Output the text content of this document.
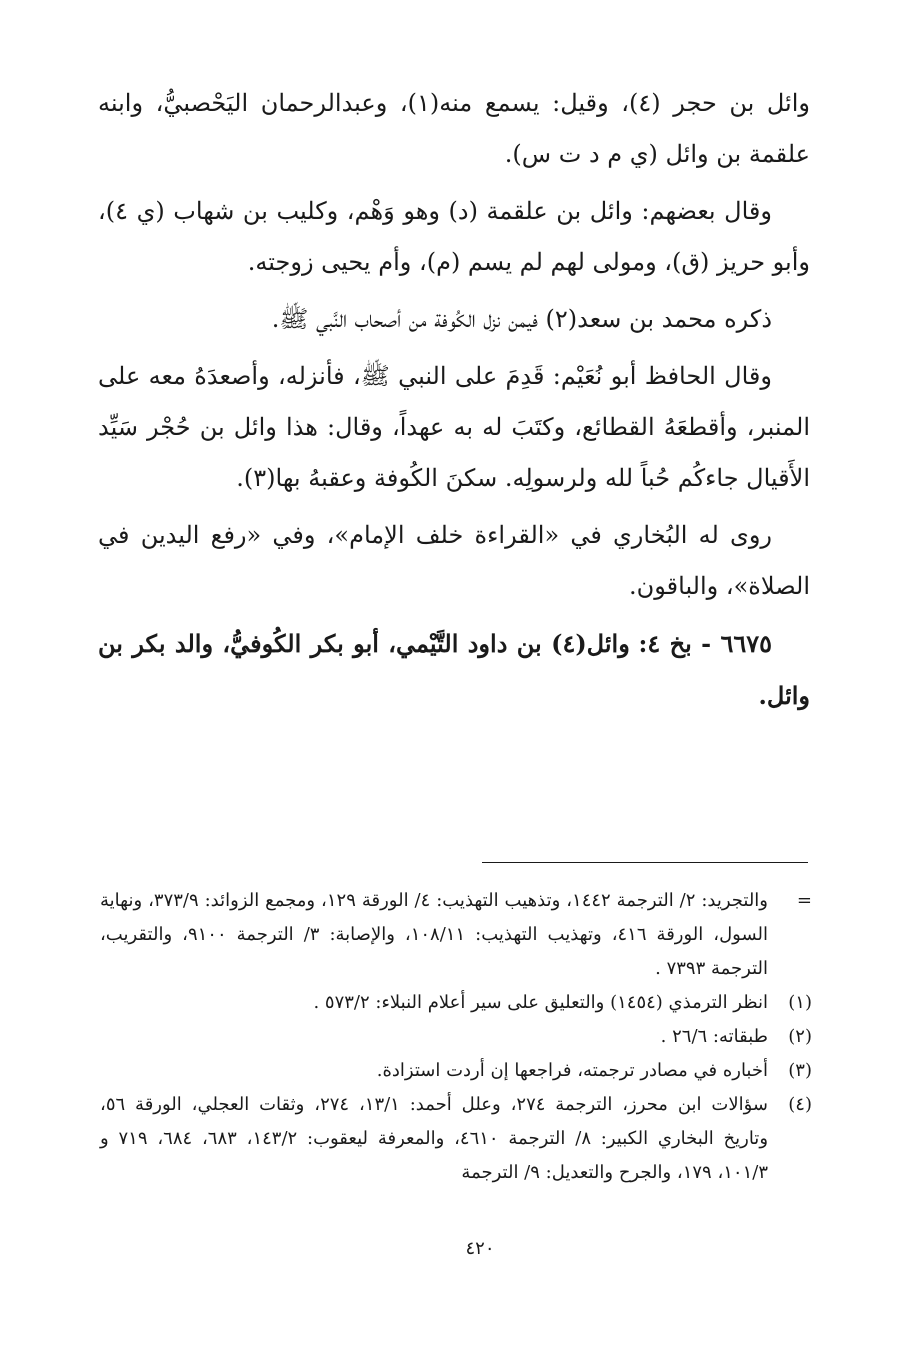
وائل بن حجر (٤)، وقيل: يسمع منه(١)، وعبدالرحمان اليَحْصبيُّ، وابنه علقمة بن وائل (ي م د ت س).

وقال بعضهم: وائل بن علقمة (د) وهو وَهْم، وكليب بن شهاب (ي ٤)، وأبو حريز (ق)، ومولى لهم لم يسم (م)، وأم يحيى زوجته.

ذكره محمد بن سعد(٢) فيمن نزل الكُوفة من أصحاب النَّبي ﷺ.

وقال الحافظ أبو نُعَيْم: قَدِمَ على النبي ﷺ، فأنزله، وأصعدَهُ معه على المنبر، وأقطعَهُ القطائع، وكتَبَ له به عهداً، وقال: هذا وائل بن حُجْر سَيِّد الأَقيال جاءكُم حُباً لله ولرسولِه. سكنَ الكُوفة وعقبهُ بها(٣).

روى له البُخاري في «القراءة خلف الإمام»، وفي «رفع اليدين في الصلاة»، والباقون.

٦٦٧٥ - بخ ٤: وائل(٤) بن داود التَّيْمي، أبو بكر الكُوفيُّ، والد بكر بن وائل.

=
والتجريد: ٢/ الترجمة ١٤٤٢، وتذهيب التهذيب: ٤/ الورقة ١٢٩، ومجمع الزوائد: ٣٧٣/٩، ونهاية السول، الورقة ٤١٦، وتهذيب التهذيب: ١٠٨/١١، والإصابة: ٣/ الترجمة ٩١٠٠، والتقريب، الترجمة ٧٣٩٣ .
(١)
انظر الترمذي (١٤٥٤) والتعليق على سير أعلام النبلاء: ٥٧٣/٢ .
(٢)
طبقاته: ٢٦/٦ .
(٣)
أخباره في مصادر ترجمته، فراجعها إن أردت استزادة.
(٤)
سؤالات ابن محرز، الترجمة ٢٧٤، وعلل أحمد: ١٣/١، ٢٧٤، وثقات العجلي، الورقة ٥٦، وتاريخ البخاري الكبير: ٨/ الترجمة ٤٦١٠، والمعرفة ليعقوب: ١٤٣/٢، ٦٨٣، ٦٨٤، ٧١٩ و ١٠١/٣، ١٧٩، والجرح والتعديل: ٩/ الترجمة
٤٢٠
